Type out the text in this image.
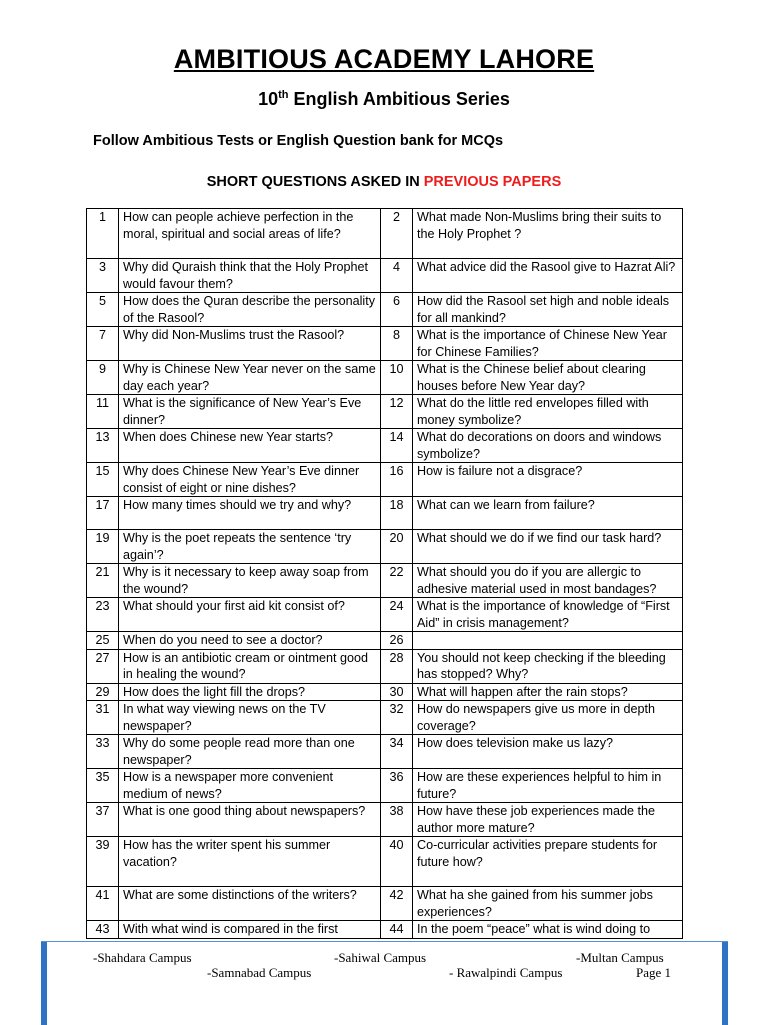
AMBITIOUS ACADEMY LAHORE
10th English Ambitious Series
Follow Ambitious Tests or English Question bank for MCQs
SHORT QUESTIONS ASKED IN PREVIOUS PAPERS
1	How can people achieve perfection in the moral, spiritual and social areas of life?	2	What made Non-Muslims bring their suits to the Holy Prophet ?
3	Why did Quraish think that the Holy Prophet would favour them?	4	What advice did the Rasool give to Hazrat Ali?
5	How does the Quran describe the personality of the Rasool?	6	How did the Rasool set high and noble ideals for all mankind?
7	Why did Non-Muslims trust the Rasool?	8	What is the importance of Chinese New Year for Chinese Families?
9	Why is Chinese New Year never on the same day each year?	10	What is the Chinese belief about clearing houses before New Year day?
11	What is the significance of New Year’s Eve dinner?	12	What do the little red envelopes filled with money symbolize?
13	When does Chinese new Year starts?	14	What do decorations on doors and windows symbolize?
15	Why does Chinese New Year’s Eve dinner consist of eight or nine dishes?	16	How is failure not a disgrace?
17	How many times should we try and why?	18	What can we learn from failure?
19	Why is the poet repeats the sentence ‘try again’?	20	What should we do if we find our task hard?
21	Why is it necessary to keep away soap from the wound?	22	What should you do if you are allergic to adhesive material used in most bandages?
23	What should your first aid kit consist of?	24	What is the importance of knowledge of “First Aid” in crisis management?
25	When do you need to see a doctor?	26	
27	How is an antibiotic cream or ointment good in healing the wound?	28	You should not keep checking if the bleeding has stopped? Why?
29	How does the light fill the drops?	30	What will happen after the rain stops?
31	In what way viewing news on the TV newspaper?	32	How do newspapers give us more in depth coverage?
33	Why do some people read more than one newspaper?	34	How does television make us lazy?
35	How is a newspaper more convenient medium of news?	36	How are these experiences helpful to him in future?
37	What is one good thing about newspapers?	38	How have these job experiences made the author more mature?
39	How has the writer spent his summer vacation?	40	Co-curricular activities prepare students for future how?
41	What are some distinctions of the writers?	42	What ha she gained from his summer jobs experiences?
43	With what wind is compared in the first	44	In the poem “peace” what is wind doing to
-Shahdara Campus	-Sahiwal Campus	-Multan Campus
-Samnabad Campus	- Rawalpindi Campus	Page 1
